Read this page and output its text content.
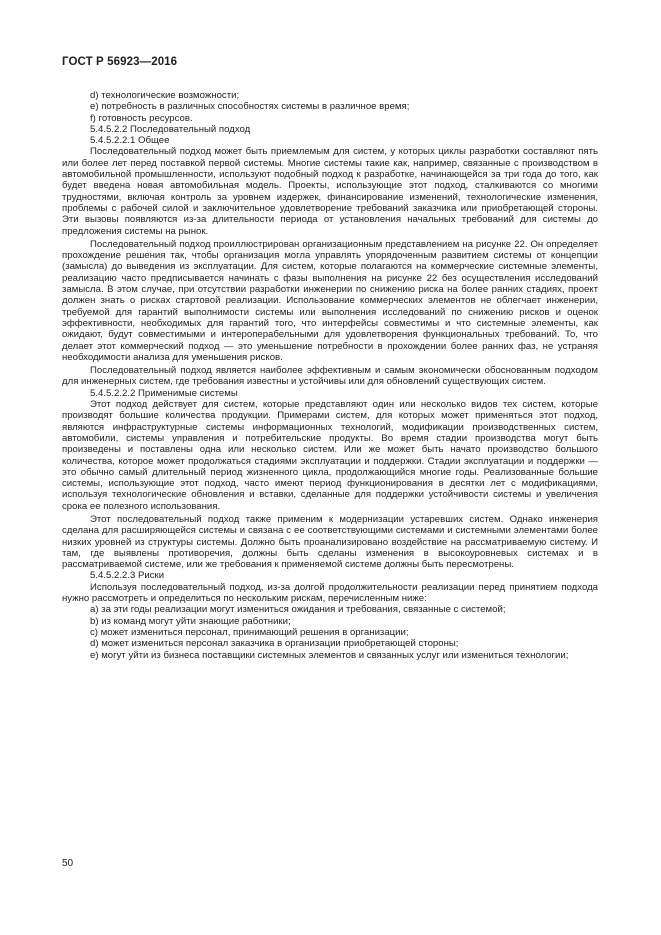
ГОСТ Р 56923—2016

d) технологические возможности;

e) потребность в различных способностях системы в различное время;

f) готовность ресурсов.

5.4.5.2.2 Последовательный подход

5.4.5.2.2.1 Общее

Последовательный подход может быть приемлемым для систем, у которых циклы разработки составляют пять или более лет перед поставкой первой системы. Многие системы такие как, например, связанные с производством в автомобильной промышленности, используют подобный подход к разработке, начинающейся за три года до того, как будет введена новая автомобильная модель. Проекты, использующие этот подход, сталкиваются со многими трудностями, включая контроль за уровнем издержек, финансирование изменений, технологические изменения, проблемы с рабочей силой и заключительное удовлетворение требований заказчика или приобретающей стороны. Эти вызовы появляются из-за длительности периода от установления начальных требований для системы до предложения системы на рынок.

Последовательный подход проиллюстрирован организационным представлением на рисунке 22. Он определяет прохождение решения так, чтобы организация могла управлять упорядоченным развитием системы от концепции (замысла) до выведения из эксплуатации. Для систем, которые полагаются на коммерческие системные элементы, реализацию часто предписывается начинать с фазы выполнения на рисунке 22 без осуществления исследований замысла. В этом случае, при отсутствии разработки инженерии по снижению риска на более ранних стадиях, проект должен знать о рисках стартовой реализации. Использование коммерческих элементов не облегчает инженерии, требуемой для гарантий выполнимости системы или выполнения исследований по снижению рисков и оценок эффективности, необходимых для гарантий того, что интерфейсы совместимы и что системные элементы, как ожидают, будут совместимыми и интероперабельными для удовлетворения функциональных требований. То, что делает этот коммерческий подход — это уменьшение потребности в прохождении более ранних фаз, не устраняя необходимости анализа для уменьшения рисков.

Последовательный подход является наиболее эффективным и самым экономически обоснованным подходом для инженерных систем, где требования известны и устойчивы или для обновлений существующих систем.

5.4.5.2.2.2 Применимые системы

Этот подход действует для систем, которые представляют один или несколько видов тех систем, которые производят большие количества продукции. Примерами систем, для которых может применяться этот подход, являются инфраструктурные системы информационных технологий, модификации производственных систем, автомобили, системы управления и потребительские продукты. Во время стадии производства могут быть произведены и поставлены одна или несколько систем. Или же может быть начато производство большого количества, которое может продолжаться стадиями эксплуатации и поддержки. Стадии эксплуатации и поддержки — это обычно самый длительный период жизненного цикла, продолжающийся многие годы. Реализованные большие системы, использующие этот подход, часто имеют период функционирования в десятки лет с модификациями, используя технологические обновления и вставки, сделанные для поддержки устойчивости системы и увеличения срока ее полезного использования.

Этот последовательный подход также применим к модернизации устаревших систем. Однако инженерия сделана для расширяющейся системы и связана с ее соответствующими системами и системными элементами более низких уровней из структуры системы. Должно быть проанализировано воздействие на рассматриваемую систему. И там, где выявлены противоречия, должны быть сделаны изменения в высокоуровневых системах и в рассматриваемой системе, или же требования к применяемой системе должны быть пересмотрены.

5.4.5.2.2.3 Риски

Используя последовательный подход, из-за долгой продолжительности реализации перед принятием подхода нужно рассмотреть и определиться по нескольким рискам, перечисленным ниже:

a) за эти годы реализации могут измениться ожидания и требования, связанные с системой;

b) из команд могут уйти знающие работники;

c) может измениться персонал, принимающий решения в организации;

d) может измениться персонал заказчика в организации приобретающей стороны;

e) могут уйти из бизнеса поставщики системных элементов и связанных услуг или измениться технологии;

50
